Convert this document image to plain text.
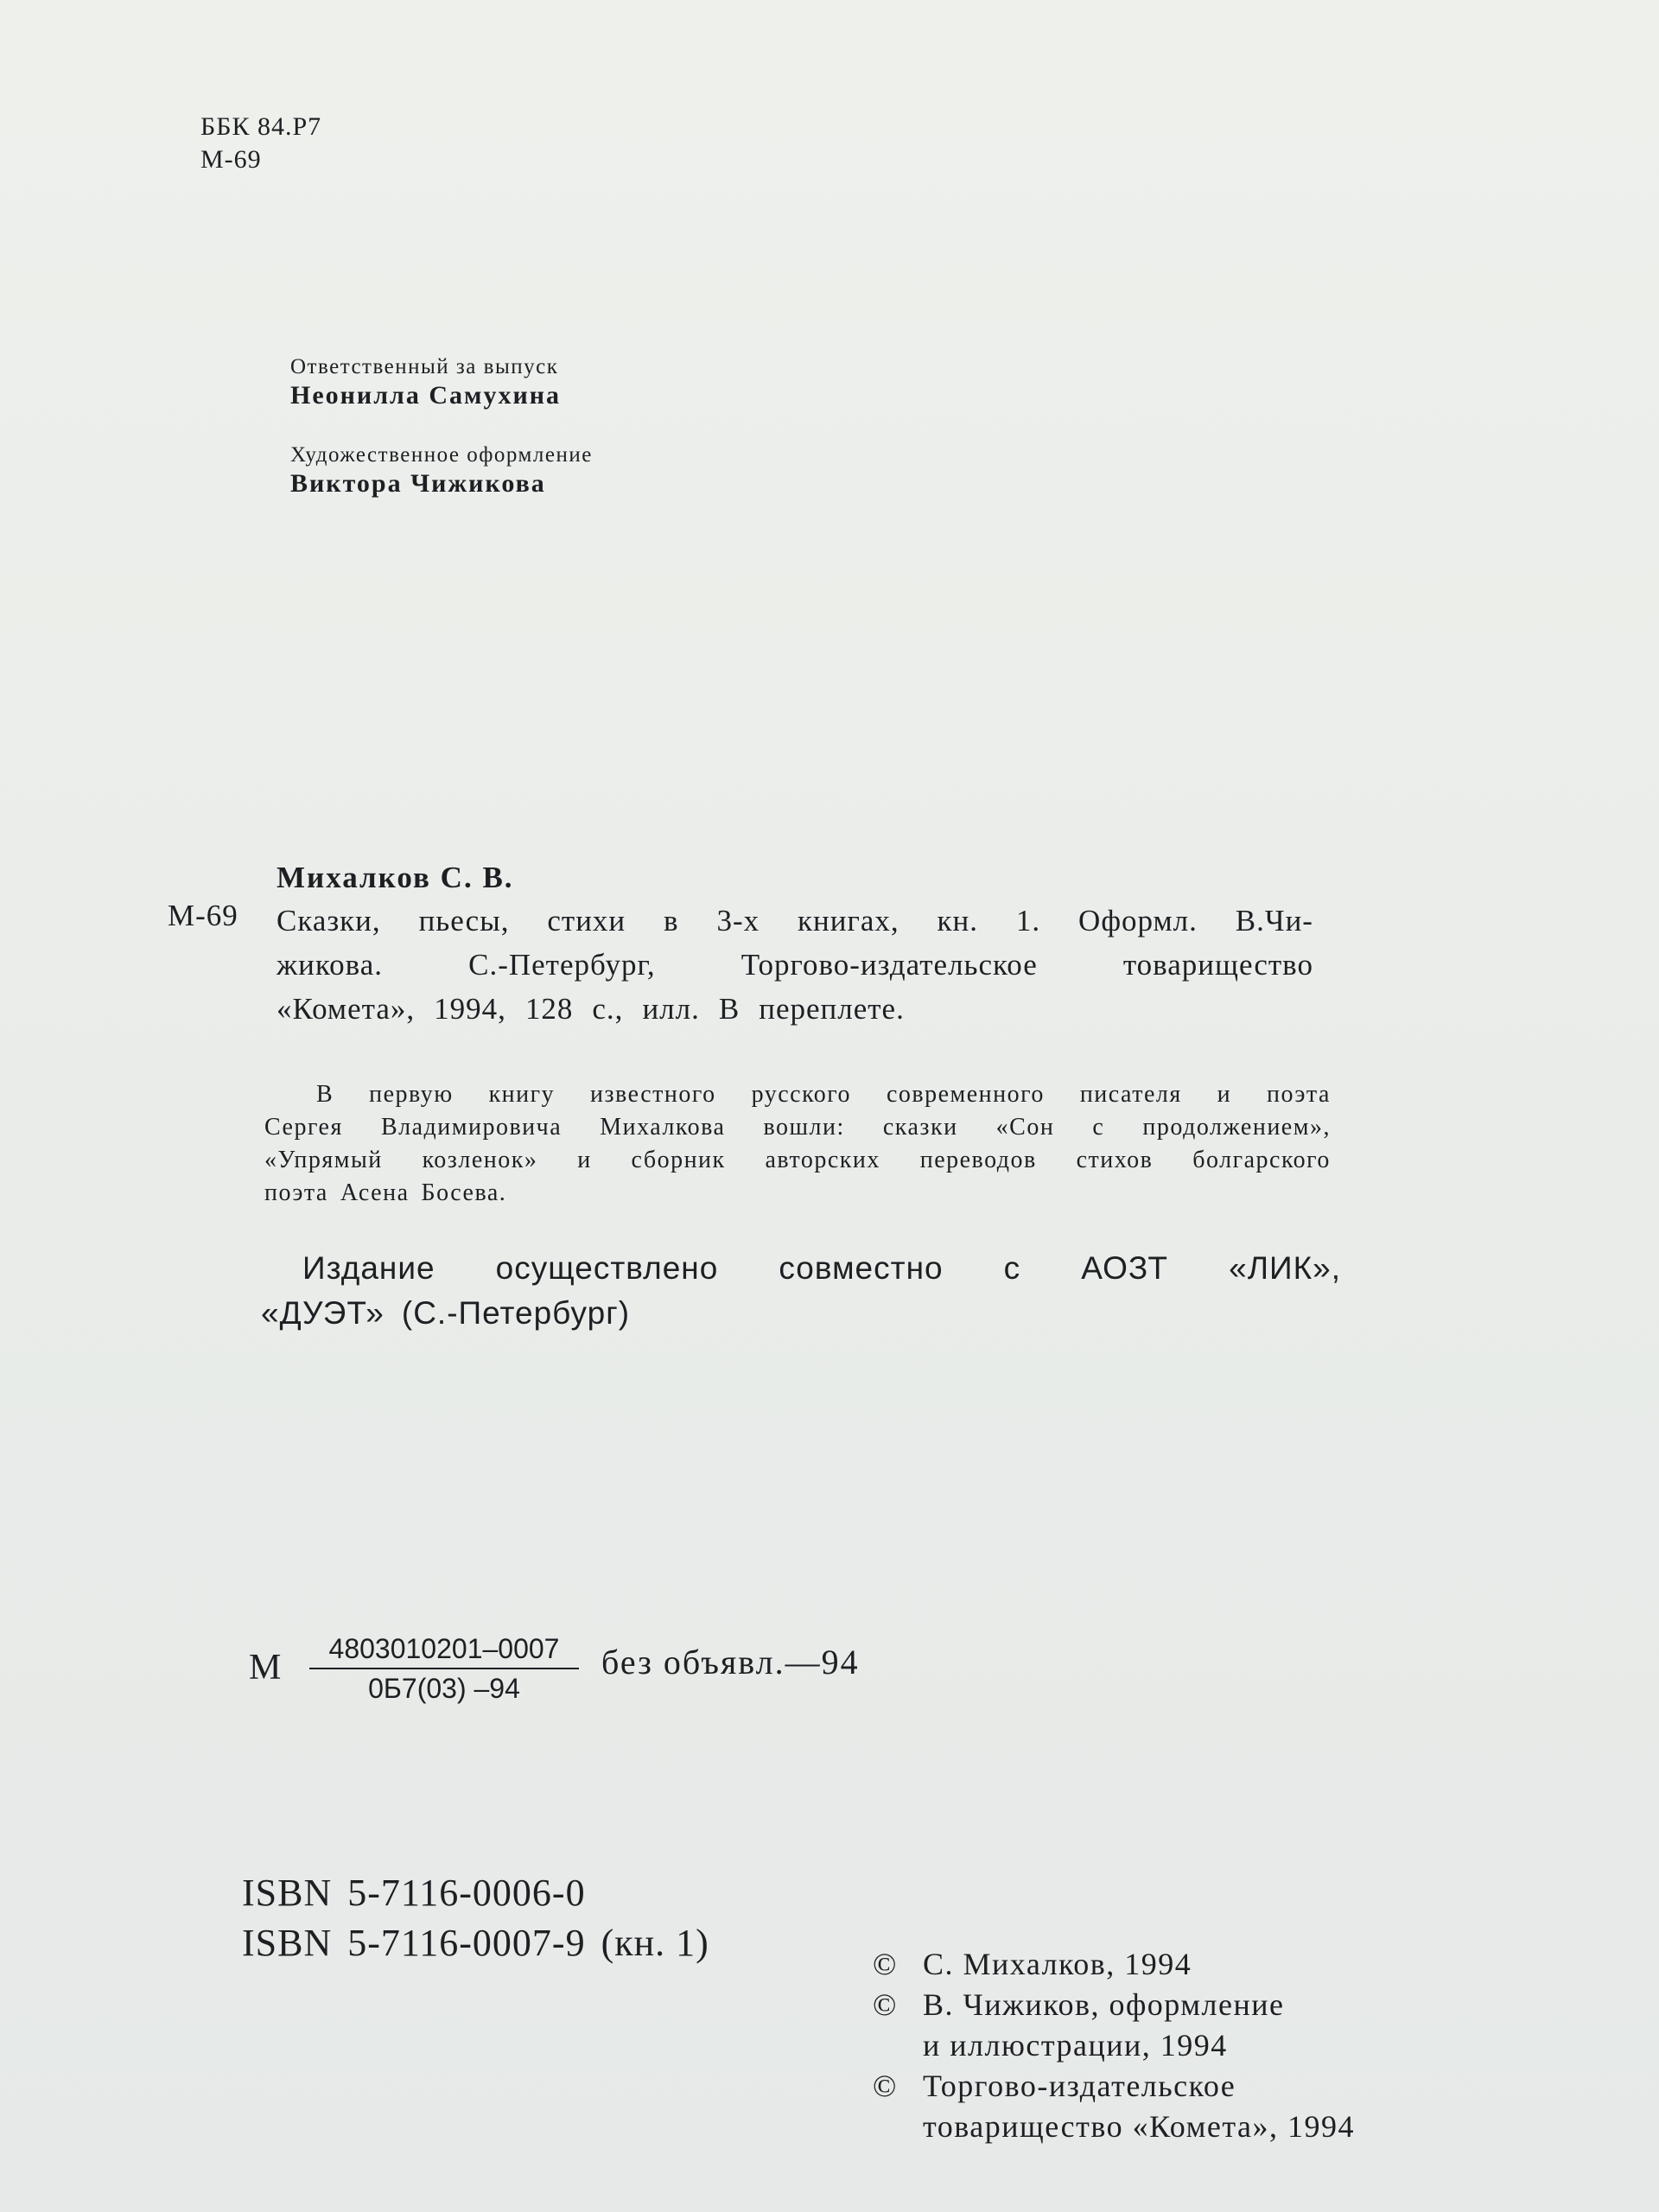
ББК 84.Р7
М-69
Ответственный за выпуск
Неонилла Самухина
Художественное оформление
Виктора Чижикова
Михалков С. В.
М-69 Сказки, пьесы, стихи в 3-х книгах, кн. 1. Оформл. В.Чи-
жикова.	С.-Петербург,	Торгово-издательское	товарищество
«Комета», 1994, 128 с., илл. В переплете.
В первую книгу известного русского современного писателя и поэта
Сергея Владимировича Михалкова вошли: сказки «Сон с продолжением»,
«Упрямый козленок» и сборник авторских переводов стихов болгарского
поэта Асена Босева.
Издание осуществлено совместно с АОЗТ «ЛИК»,
«ДУЭТ» (С.-Петербург)
М	4803010201–0007
0Б7(03) –94
без объявл.—94
ISBN 5-7116-0006-0
ISBN 5-7116-0007-9 (кн. 1)	© С. Михалков, 1994
© В. Чижиков, оформление
и иллюстрации, 1994
© Торгово-издательское
товарищество «Комета», 1994
